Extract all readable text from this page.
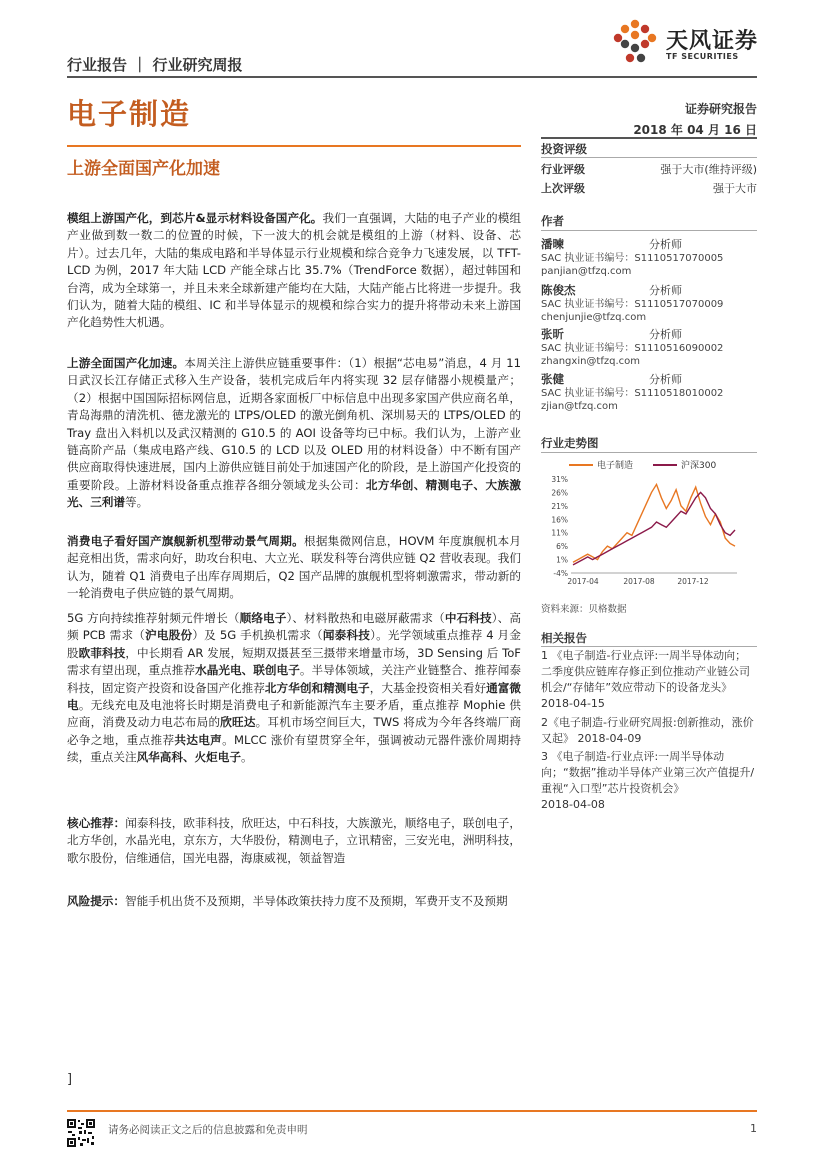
天风证券
TF SECURITIES
行业报告 ｜ 行业研究周报
电子制造	证券研究报告
2018 年 04 月 16 日
上游全面国产化加速
模组上游国产化，到芯片&显示材料设备国产化。我们一直强调，大陆的电子产业的模组产业做到数一数二的位置的时候，下一波大的机会就是模组的上游（材料、设备、芯片）。过去几年，大陆的集成电路和半导体显示行业规模和综合竞争力飞速发展，以 TFT-LCD 为例，2017 年大陆 LCD 产能全球占比 35.7%（TrendForce 数据），超过韩国和台湾，成为全球第一，并且未来全球新建产能均在大陆，大陆产能占比将进一步提升。我们认为，随着大陆的模组、IC 和半导体显示的规模和综合实力的提升将带动未来上游国产化趋势性大机遇。
上游全面国产化加速。本周关注上游供应链重要事件：（1）根据“芯电易”消息，4 月 11 日武汉长江存储正式移入生产设备，装机完成后年内将实现 32 层存储器小规模量产；（2）根据中国国际招标网信息，近期各家面板厂中标信息中出现多家国产供应商名单，青岛海鼎的清洗机、德龙激光的 LTPS/OLED 的激光倒角机、深圳易天的 LTPS/OLED 的 Tray 盘出入料机以及武汉精测的 G10.5 的 AOI 设备等均已中标。我们认为，上游产业链高阶产品（集成电路产线、G10.5 的 LCD 以及 OLED 用的材料设备）中不断有国产供应商取得快速进展，国内上游供应链目前处于加速国产化的阶段，是上游国产化投资的重要阶段。上游材料设备重点推荐各细分领域龙头公司：北方华创、精测电子、大族激光、三利谱等。
消费电子看好国产旗舰新机型带动景气周期。根据集微网信息，HOVM 年度旗舰机本月起竞相出货，需求向好，助攻台积电、大立光、联发科等台湾供应链 Q2 营收表现。我们认为，随着 Q1 消费电子出库存周期后，Q2 国产品牌的旗舰机型将刺激需求，带动新的一轮消费电子供应链的景气周期。
5G 方向持续推荐射频元件增长（顺络电子）、材料散热和电磁屏蔽需求（中石科技）、高频 PCB 需求（沪电股份）及 5G 手机换机需求（闻泰科技）。光学领域重点推荐 4 月金股欧菲科技，中长期看 AR 发展，短期双摄甚至三摄带来增量市场，3D Sensing 后 ToF 需求有望出现，重点推荐水晶光电、联创电子。半导体领域，关注产业链整合、推荐闻泰科技，固定资产投资和设备国产化推荐北方华创和精测电子，大基金投资相关看好通富微电。无线充电及电池将长时期是消费电子和新能源汽车主要矛盾，重点推荐 Mophie 供应商，消费及动力电芯布局的欣旺达。耳机市场空间巨大，TWS 将成为今年各终端厂商必争之地，重点推荐共达电声。MLCC 涨价有望贯穿全年，强调被动元器件涨价周期持续，重点关注风华高科、火炬电子。
核心推荐：闻泰科技，欧菲科技，欣旺达，中石科技，大族激光，顺络电子，联创电子，北方华创，水晶光电，京东方，大华股份，精测电子，立讯精密，三安光电，洲明科技，歌尔股份，信维通信，国光电器，海康威视，领益智造
风险提示：智能手机出货不及预期，半导体政策扶持力度不及预期，军费开支不及预期
投资评级
行业评级	强于大市(维持评级)
上次评级	强于大市
作者
潘暕	分析师
SAC 执业证书编号：S1110517070005
panjian@tfzq.com
陈俊杰	分析师
SAC 执业证书编号：S1110517070009
chenjunjie@tfzq.com
张昕	分析师
SAC 执业证书编号：S1110516090002
zhangxin@tfzq.com
张健	分析师
SAC 执业证书编号：S1110518010002
zjian@tfzq.com
行业走势图
电子制造	沪深300
31%
26%
21%
16%
11%
6%
1%
-4%
2017-04	2017-08	2017-12
资料来源：贝格数据
相关报告
1 《电子制造-行业点评:一周半导体动向；二季度供应链库存修正到位推动产业链公司机会/“存储年”效应带动下的设备龙头》 2018-04-15
2《电子制造-行业研究周报:创新推动，涨价又起》 2018-04-09
3 《电子制造-行业点评:一周半导体动向；“数据”推动半导体产业第三次产值提升/重视“入口型”芯片投资机会》
2018-04-08
]
请务必阅读正文之后的信息披露和免责申明	1
